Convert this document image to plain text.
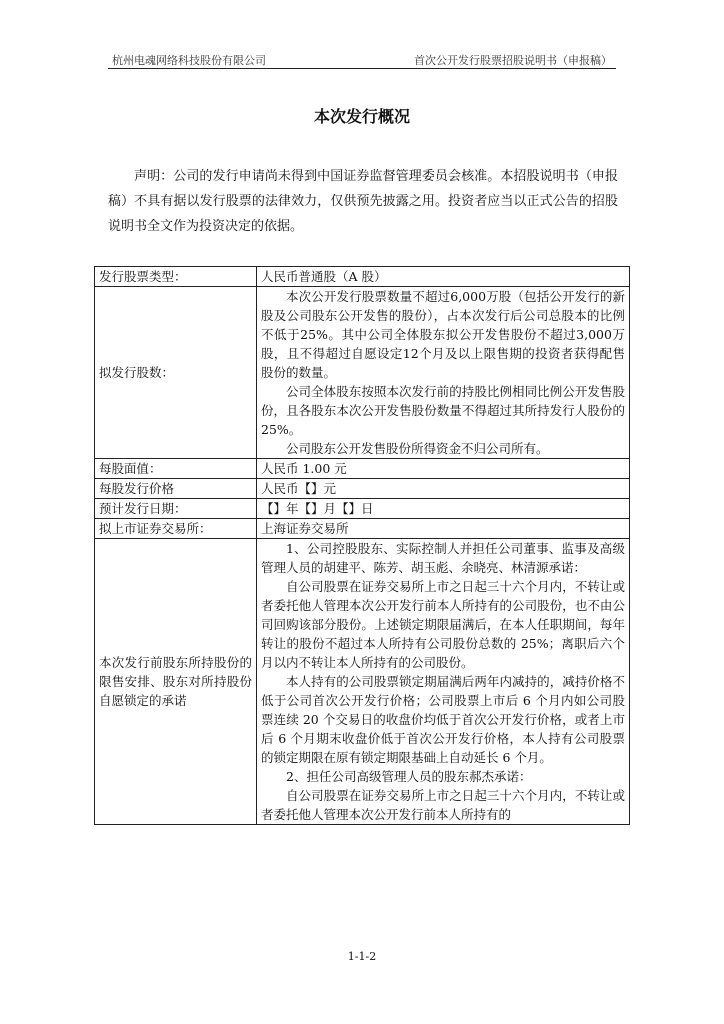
杭州电魂网络科技股份有限公司	首次公开发行股票招股说明书（申报稿）
本次发行概况

声明：公司的发行申请尚未得到中国证券监督管理委员会核准。本招股说明书（申报稿）不具有据以发行股票的法律效力，仅供预先披露之用。投资者应当以正式公告的招股说明书全文作为投资决定的依据。

发行股票类型：	人民币普通股（A 股）
拟发行股数：	本次公开发行股票数量不超过6,000万股（包括公开发行的新股及公司股东公开发售的股份），占本次发行后公司总股本的比例不低于25%。其中公司全体股东拟公开发售股份不超过3,000万股，且不得超过自愿设定12个月及以上限售期的投资者获得配售股份的数量。
公司全体股东按照本次发行前的持股比例相同比例公开发售股份，且各股东本次公开发售股份数量不得超过其所持发行人股份的25%。
公司股东公开发售股份所得资金不归公司所有。

每股面值：	人民币 1.00 元
每股发行价格	人民币【】元
预计发行日期：	【】年【】月【】日
拟上市证券交易所：	上海证券交易所
本次发行前股东所持股份的限售安排、股东对所持股份自愿锁定的承诺	1、公司控股股东、实际控制人并担任公司董事、监事及高级管理人员的胡建平、陈芳、胡玉彪、余晓亮、林清源承诺：
自公司股票在证券交易所上市之日起三十六个月内，不转让或者委托他人管理本次公开发行前本人所持有的公司股份，也不由公司回购该部分股份。上述锁定期限届满后，在本人任职期间，每年转让的股份不超过本人所持有公司股份总数的 25%；离职后六个月以内不转让本人所持有的公司股份。
本人持有的公司股票锁定期届满后两年内减持的，减持价格不低于公司首次公开发行价格；公司股票上市后 6 个月内如公司股票连续 20 个交易日的收盘价均低于首次公开发行价格，或者上市后 6 个月期末收盘价低于首次公开发行价格，本人持有公司股票的锁定期限在原有锁定期限基础上自动延长 6 个月。
2、担任公司高级管理人员的股东郝杰承诺：
自公司股票在证券交易所上市之日起三十六个月内，不转让或者委托他人管理本次公开发行前本人所持有的
1-1-2
